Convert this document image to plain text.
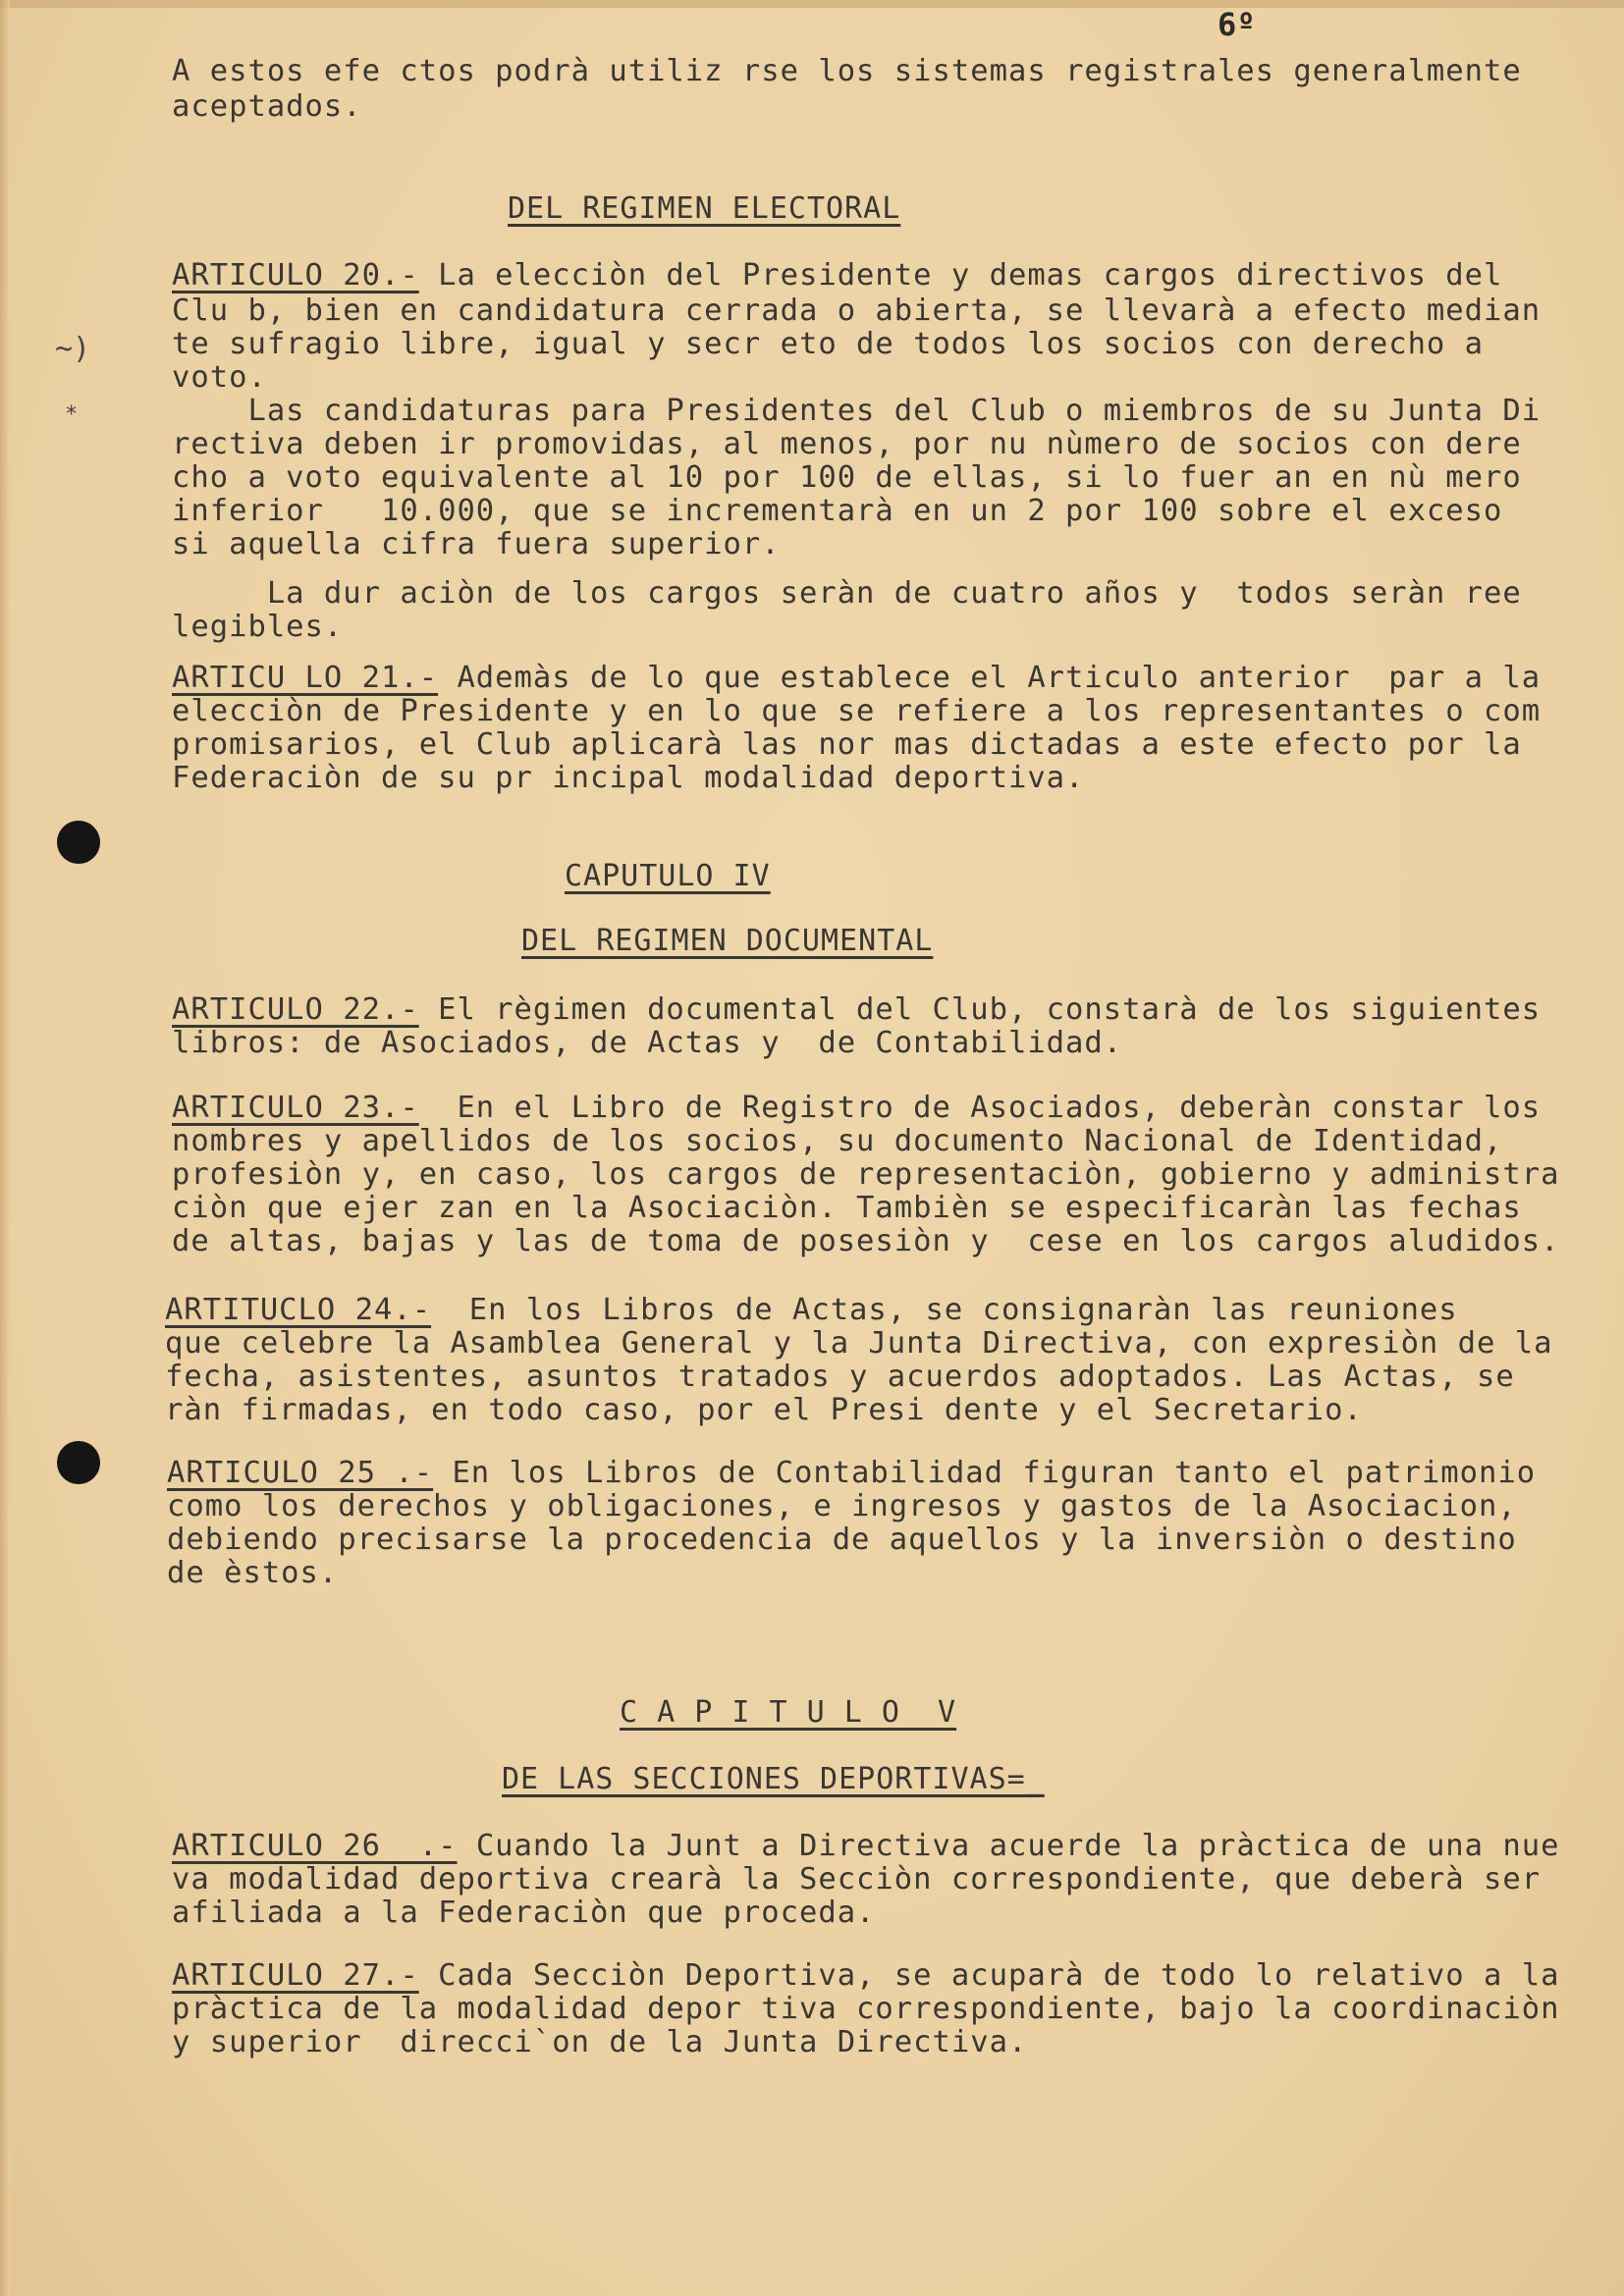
6º
~)
*
A estos efe ctos podrà utiliz rse los sistemas registrales generalmente
aceptados.
DEL REGIMEN ELECTORAL
ARTICULO 20.- La elecciòn del Presidente y demas cargos directivos del
Clu b, bien en candidatura cerrada o abierta, se llevarà a efecto median
te sufragio libre, igual y secr eto de todos los socios con derecho a
voto.
Las candidaturas para Presidentes del Club o miembros de su Junta Di
rectiva deben ir promovidas, al menos, por nu nùmero de socios con dere
cho a voto equivalente al 10 por 100 de ellas, si lo fuer an en nù mero
inferior   10.000, que se incrementarà en un 2 por 100 sobre el exceso
si aquella cifra fuera superior.
La dur aciòn de los cargos seràn de cuatro años y  todos seràn ree
legibles.
ARTICU LO 21.- Ademàs de lo que establece el Articulo anterior  par a la
elecciòn de Presidente y en lo que se refiere a los representantes o com
promisarios, el Club aplicarà las nor mas dictadas a este efecto por la
Federaciòn de su pr incipal modalidad deportiva.
CAPUTULO IV
DEL REGIMEN DOCUMENTAL
ARTICULO 22.- El règimen documental del Club, constarà de los siguientes
libros: de Asociados, de Actas y  de Contabilidad.
ARTICULO 23.-  En el Libro de Registro de Asociados, deberàn constar los
nombres y apellidos de los socios, su documento Nacional de Identidad,
profesiòn y, en caso, los cargos de representaciòn, gobierno y administra
ciòn que ejer zan en la Asociaciòn. Tambièn se especificaràn las fechas
de altas, bajas y las de toma de posesiòn y  cese en los cargos aludidos.
ARTITUCLO 24.-  En los Libros de Actas, se consignaràn las reuniones
que celebre la Asamblea General y la Junta Directiva, con expresiòn de la
fecha, asistentes, asuntos tratados y acuerdos adoptados. Las Actas, se
ràn firmadas, en todo caso, por el Presi dente y el Secretario.
ARTICULO 25 .- En los Libros de Contabilidad figuran tanto el patrimonio
como los derechos y obligaciones, e ingresos y gastos de la Asociacion,
debiendo precisarse la procedencia de aquellos y la inversiòn o destino
de èstos.
C A P I T U L O  V
DE LAS SECCIONES DEPORTIVAS=_
ARTICULO 26  .- Cuando la Junt a Directiva acuerde la pràctica de una nue
va modalidad deportiva crearà la Secciòn correspondiente, que deberà ser
afiliada a la Federaciòn que proceda.
ARTICULO 27.- Cada Secciòn Deportiva, se acuparà de todo lo relativo a la
pràctica de la modalidad depor tiva correspondiente, bajo la coordinaciòn
y superior  direcci`on de la Junta Directiva.
